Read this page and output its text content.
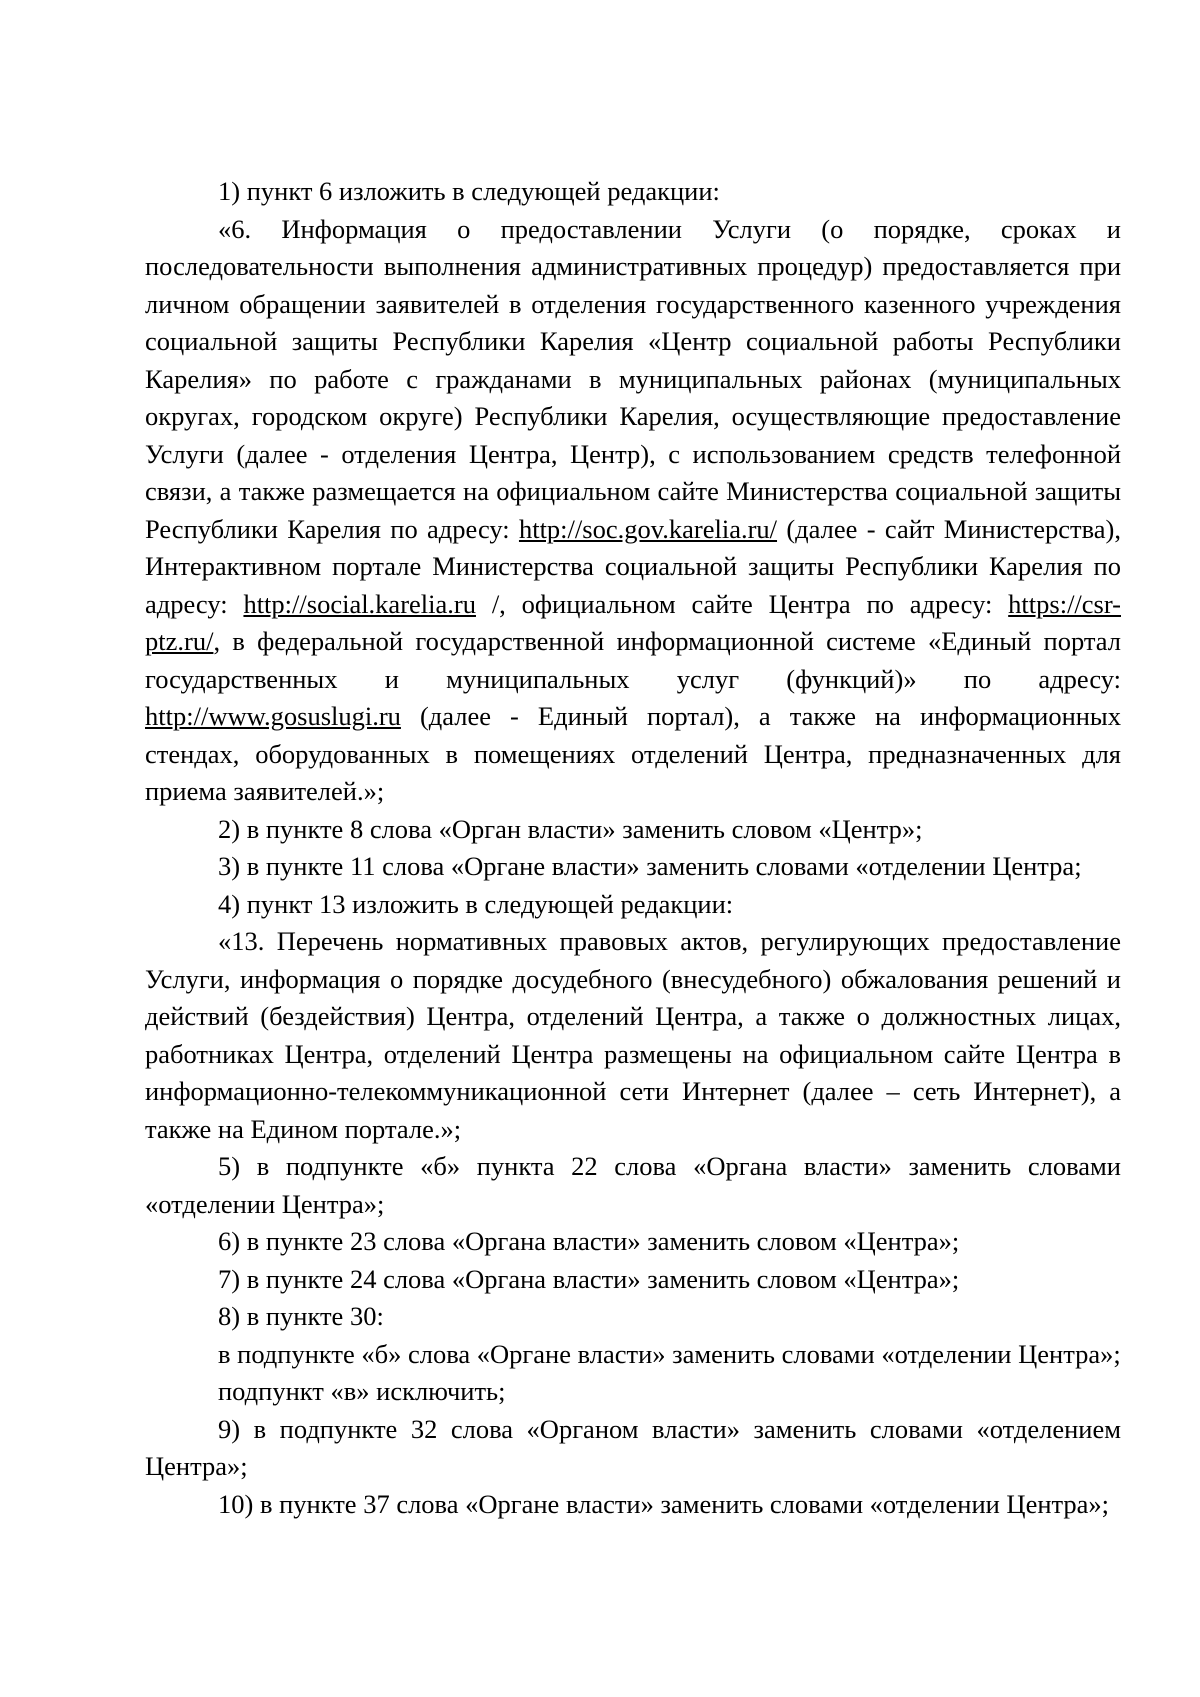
1) пункт 6 изложить в следующей редакции:

«6. Информация о предоставлении Услуги (о порядке, сроках и последовательности выполнения административных процедур) предоставляется при личном обращении заявителей в отделения государственного казенного учреждения социальной защиты Республики Карелия «Центр социальной работы Республики Карелия» по работе с гражданами в муниципальных районах (муниципальных округах, городском округе) Республики Карелия, осуществляющие предоставление Услуги (далее - отделения Центра, Центр), с использованием средств телефонной связи, а также размещается на официальном сайте Министерства социальной защиты Республики Карелия по адресу: http://soc.gov.karelia.ru/ (далее - сайт Министерства), Интерактивном портале Министерства социальной защиты Республики Карелия по адресу: http://social.karelia.ru /, официальном сайте Центра по адресу: https://csr-ptz.ru/, в федеральной государственной информационной системе «Единый портал государственных и муниципальных услуг (функций)» по адресу: http://www.gosuslugi.ru (далее - Единый портал), а также на информационных стендах, оборудованных в помещениях отделений Центра, предназначенных для приема заявителей.»;

2) в пункте 8 слова «Орган власти» заменить словом «Центр»;

3) в пункте 11 слова «Органе власти» заменить словами «отделении Центра;

4) пункт 13 изложить в следующей редакции:

«13. Перечень нормативных правовых актов, регулирующих предоставление Услуги, информация о порядке досудебного (внесудебного) обжалования решений и действий (бездействия) Центра, отделений Центра, а также о должностных лицах, работниках Центра, отделений Центра размещены на официальном сайте Центра в информационно-телекоммуникационной сети Интернет (далее – сеть Интернет), а также на Едином портале.»;

5) в подпункте «б» пункта 22 слова «Органа власти» заменить словами «отделении Центра»;

6) в пункте 23 слова «Органа власти» заменить словом «Центра»;

7) в пункте 24 слова «Органа власти» заменить словом «Центра»;

8) в пункте 30:

в подпункте «б» слова «Органе власти» заменить словами «отделении Центра»;

подпункт «в» исключить;

9) в подпункте 32 слова «Органом власти» заменить словами «отделением Центра»;

10) в пункте 37 слова «Органе власти» заменить словами «отделении Центра»;
